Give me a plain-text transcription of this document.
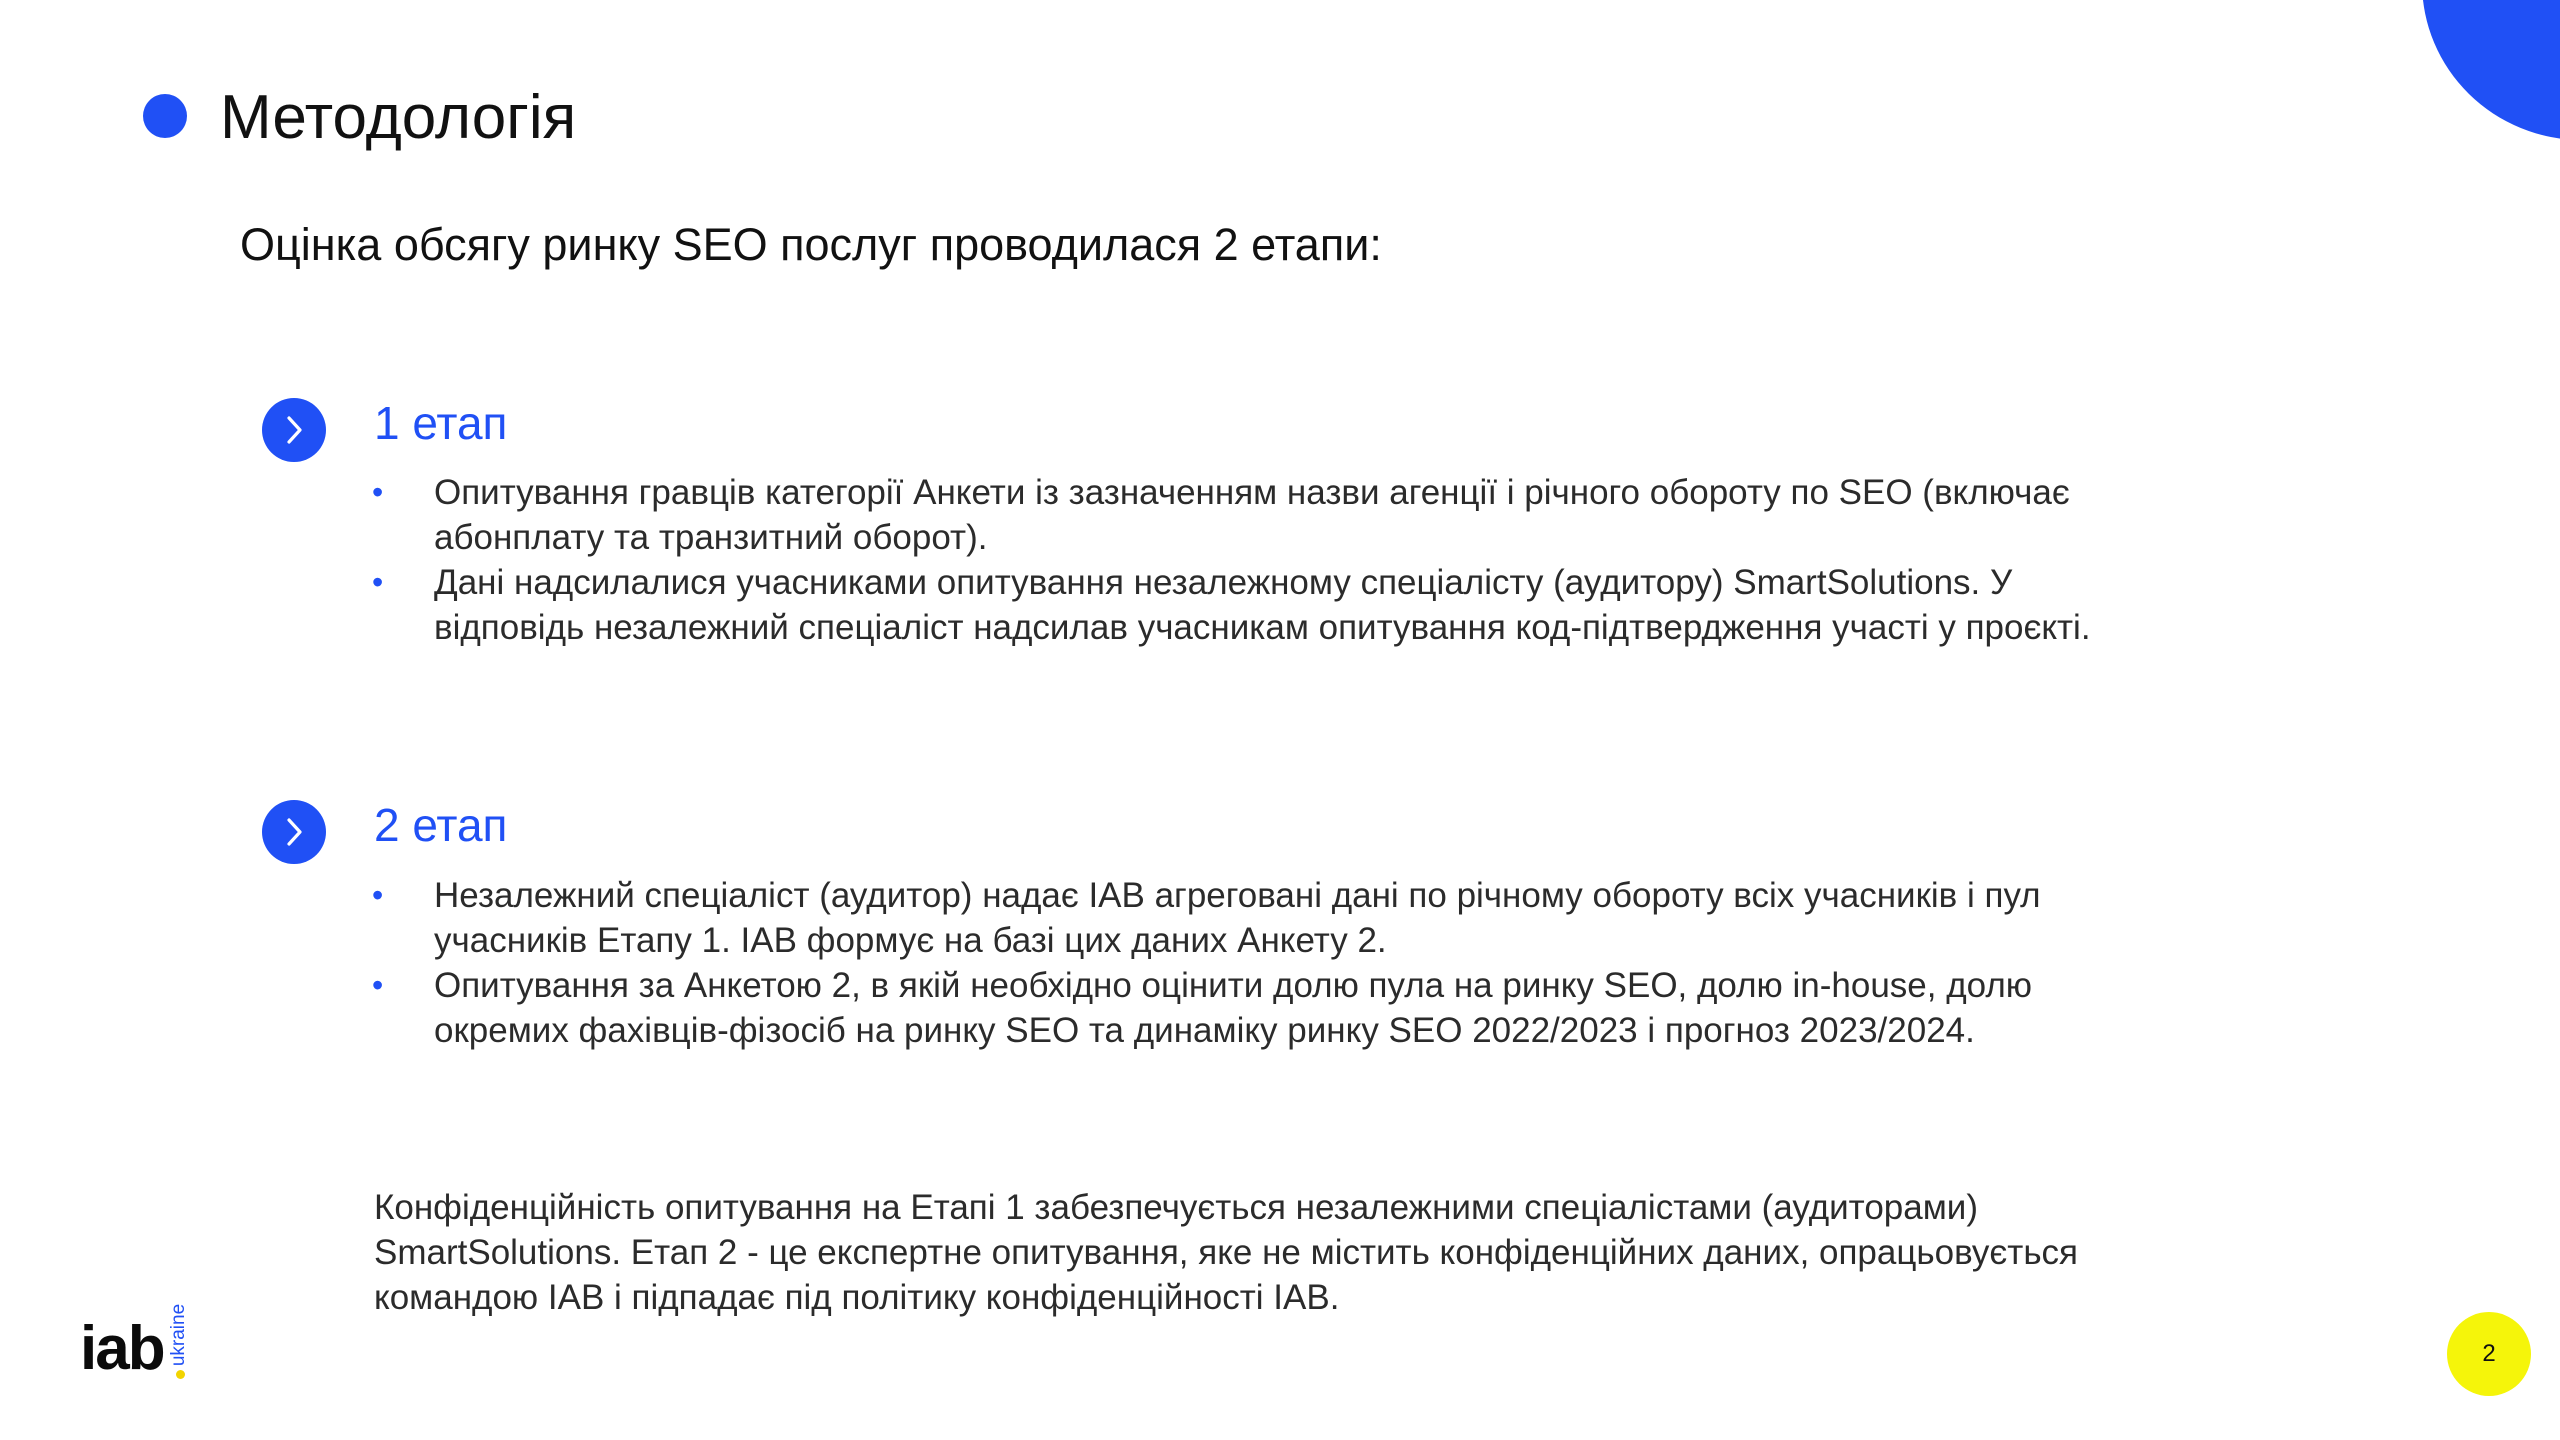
Методологія
Оцінка обсягу ринку SEO послуг проводилася 2 етапи:
1 етап
• Опитування гравців категорії Анкети із зазначенням назви агенції і річного обороту по SEO (включає абонплату та транзитний оборот).
• Дані надсилалися учасниками опитування незалежному спеціалісту (аудитору) SmartSolutions. У відповідь незалежний спеціаліст надсилав учасникам опитування код-підтвердження участі у проєкті.
2 етап
• Незалежний спеціаліст (аудитор) надає IAB агреговані дані по річному обороту всіх учасників і пул учасників Етапу 1. IAB формує на базі цих даних Анкету 2.
• Опитування за Анкетою 2, в якій необхідно оцінити долю пула на ринку SEO, долю in-house, долю окремих фахівців-фізосіб на ринку SEO та динаміку ринку SEO 2022/2023 і прогноз 2023/2024.
Конфіденційність опитування на Етапі 1 забезпечується незалежними спеціалістами (аудиторами) SmartSolutions. Етап 2 - це експертне опитування, яке не містить конфіденційних даних, опрацьовується командою IAB і підпадає під політику конфіденційності IAB.
iab ukraine	2
